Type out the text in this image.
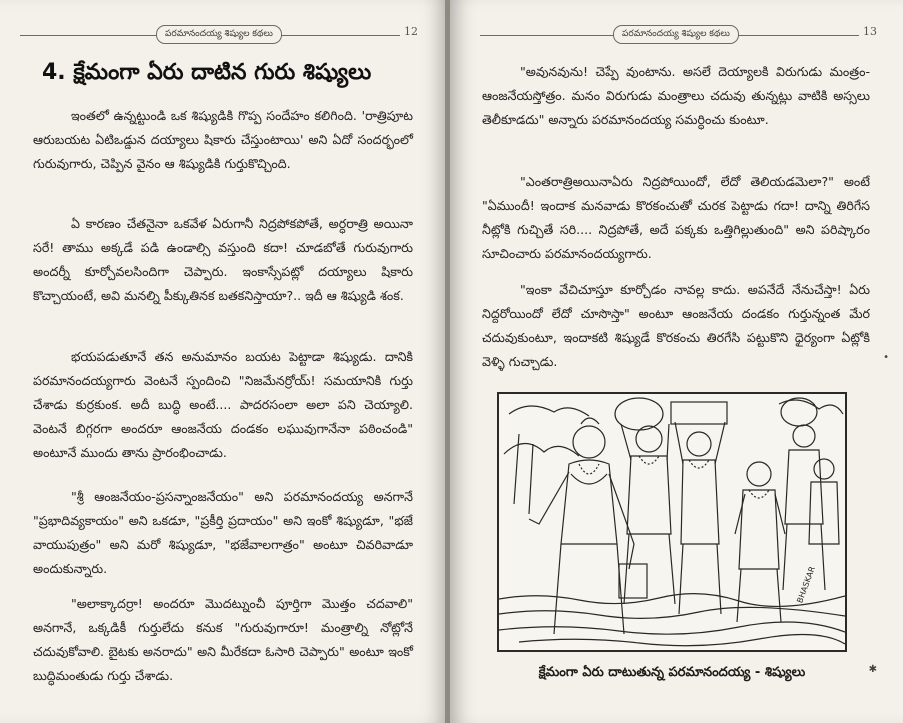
పరమానందయ్య శిష్యుల కథలు	12
4. క్షేమంగా ఏరు దాటిన గురు శిష్యులు

ఇంతలో ఉన్నట్టుండి ఒక శిష్యుడికి గొప్ప సందేహం కలిగింది. 'రాత్రిపూట ఆరుబయట ఏటిఒడ్డున దయ్యాలు షికారు చేస్తుంటాయి' అని ఏదో సందర్భంలో గురువుగారు, చెప్పిన వైనం ఆ శిష్యుడికి గుర్తుకొచ్చింది.

ఏ కారణం చేతనైనా ఒకవేళ ఏరుగానీ నిద్రపోకపోతే, అర్ధరాత్రి అయినా సరే! తాము అక్కడే పడి ఉండాల్సి వస్తుంది కదా! చూడబోతే గురువుగారు అందర్నీ కూర్చోవలసిందిగా చెప్పారు. ఇంకాస్సేపట్లో దయ్యాలు షికారు కొచ్చాయంటే, అవి మనల్ని పీక్కుతినక బతకనిస్తాయా?.. ఇదీ ఆ శిష్యుడి శంక.

భయపడుతూనే తన అనుమానం బయట పెట్టాడా శిష్యుడు. దానికి పరమానందయ్యగారు వెంటనే స్పందించి "నిజమేనర్రోయ్! సమయానికి గుర్తు చేశాడు కుర్రకుంక. అదీ బుద్ధి అంటే.... పాదరసంలా అలా పని చెయ్యాలి. వెంటనే బిగ్గరగా అందరూ ఆంజనేయ దండకం లఘువుగానేనా పఠించండి" అంటూనే ముందు తాను ప్రారంభించాడు.

"శ్రీ ఆంజనేయం-ప్రసన్నాంజనేయం" అని పరమానందయ్య అనగానే "ప్రభాదివ్యకాయం" అని ఒకడూ, "ప్రకీర్తి ప్రదాయం" అని ఇంకో శిష్యుడూ, "భజే వాయుపుత్రం" అని మరో శిష్యుడూ, "భజేవాలగాత్రం" అంటూ చివరివాడూ అందుకున్నారు.

"అలాక్కాదర్రా! అందరూ మొదట్నుంచీ పూర్తిగా మొత్తం చదవాలి" అనగానే, ఒక్కడికీ గుర్తులేదు కనుక "గురువుగారూ! మంత్రాల్ని నోట్లోనే చదువుకోవాలి. బైటకు అనరాదు" అని మీరేకదా ఓసారి చెప్పారు" అంటూ ఇంకో బుద్ధిమంతుడు గుర్తు చేశాడు.

పరమానందయ్య శిష్యుల కథలు	13

"అవునవును! చెప్పే వుంటాను. అసలే దెయ్యాలకి విరుగుడు మంత్రం-ఆంజనేయస్తోత్రం. మనం విరుగుడు మంత్రాలు చదువు తున్నట్లు వాటికి అస్సలు తెలీకూడదు" అన్నారు పరమానందయ్య సమర్ధించు కుంటూ.

"ఎంతరాత్రిఅయినాఏరు నిద్రపోయిందో, లేదో తెలియడమెలా?" అంటే "ఏముందీ! ఇందాక మనవాడు కొరకంచుతో చురక పెట్టాడు గదా! దాన్ని తిరిగేస నీట్లోకి గుచ్చితే సరి.... నిద్రపోతే, అదే పక్కకు ఒత్తిగిల్లుతుంది" అని పరిష్కారం సూచించారు పరమానందయ్యగారు.

"ఇంకా వేచిచూస్తూ కూర్చోడం నావల్ల కాదు. అపనేదే నేనుచేస్తా! ఏరు నిద్దరోయిందో లేదో చూసొస్తా" అంటూ ఆంజనేయ దండకం గుర్తున్నంత మేర చదువుకుంటూ, ఇందాకటి శిష్యుడే కొరకంచు తిరగేసి పట్టుకొని ధైర్యంగా ఏట్లోకి వెళ్ళి గుచ్చాడు.	•
BHASKAR
క్షేమంగా ఏరు దాటుతున్న పరమానందయ్య - శిష్యులు	✱
